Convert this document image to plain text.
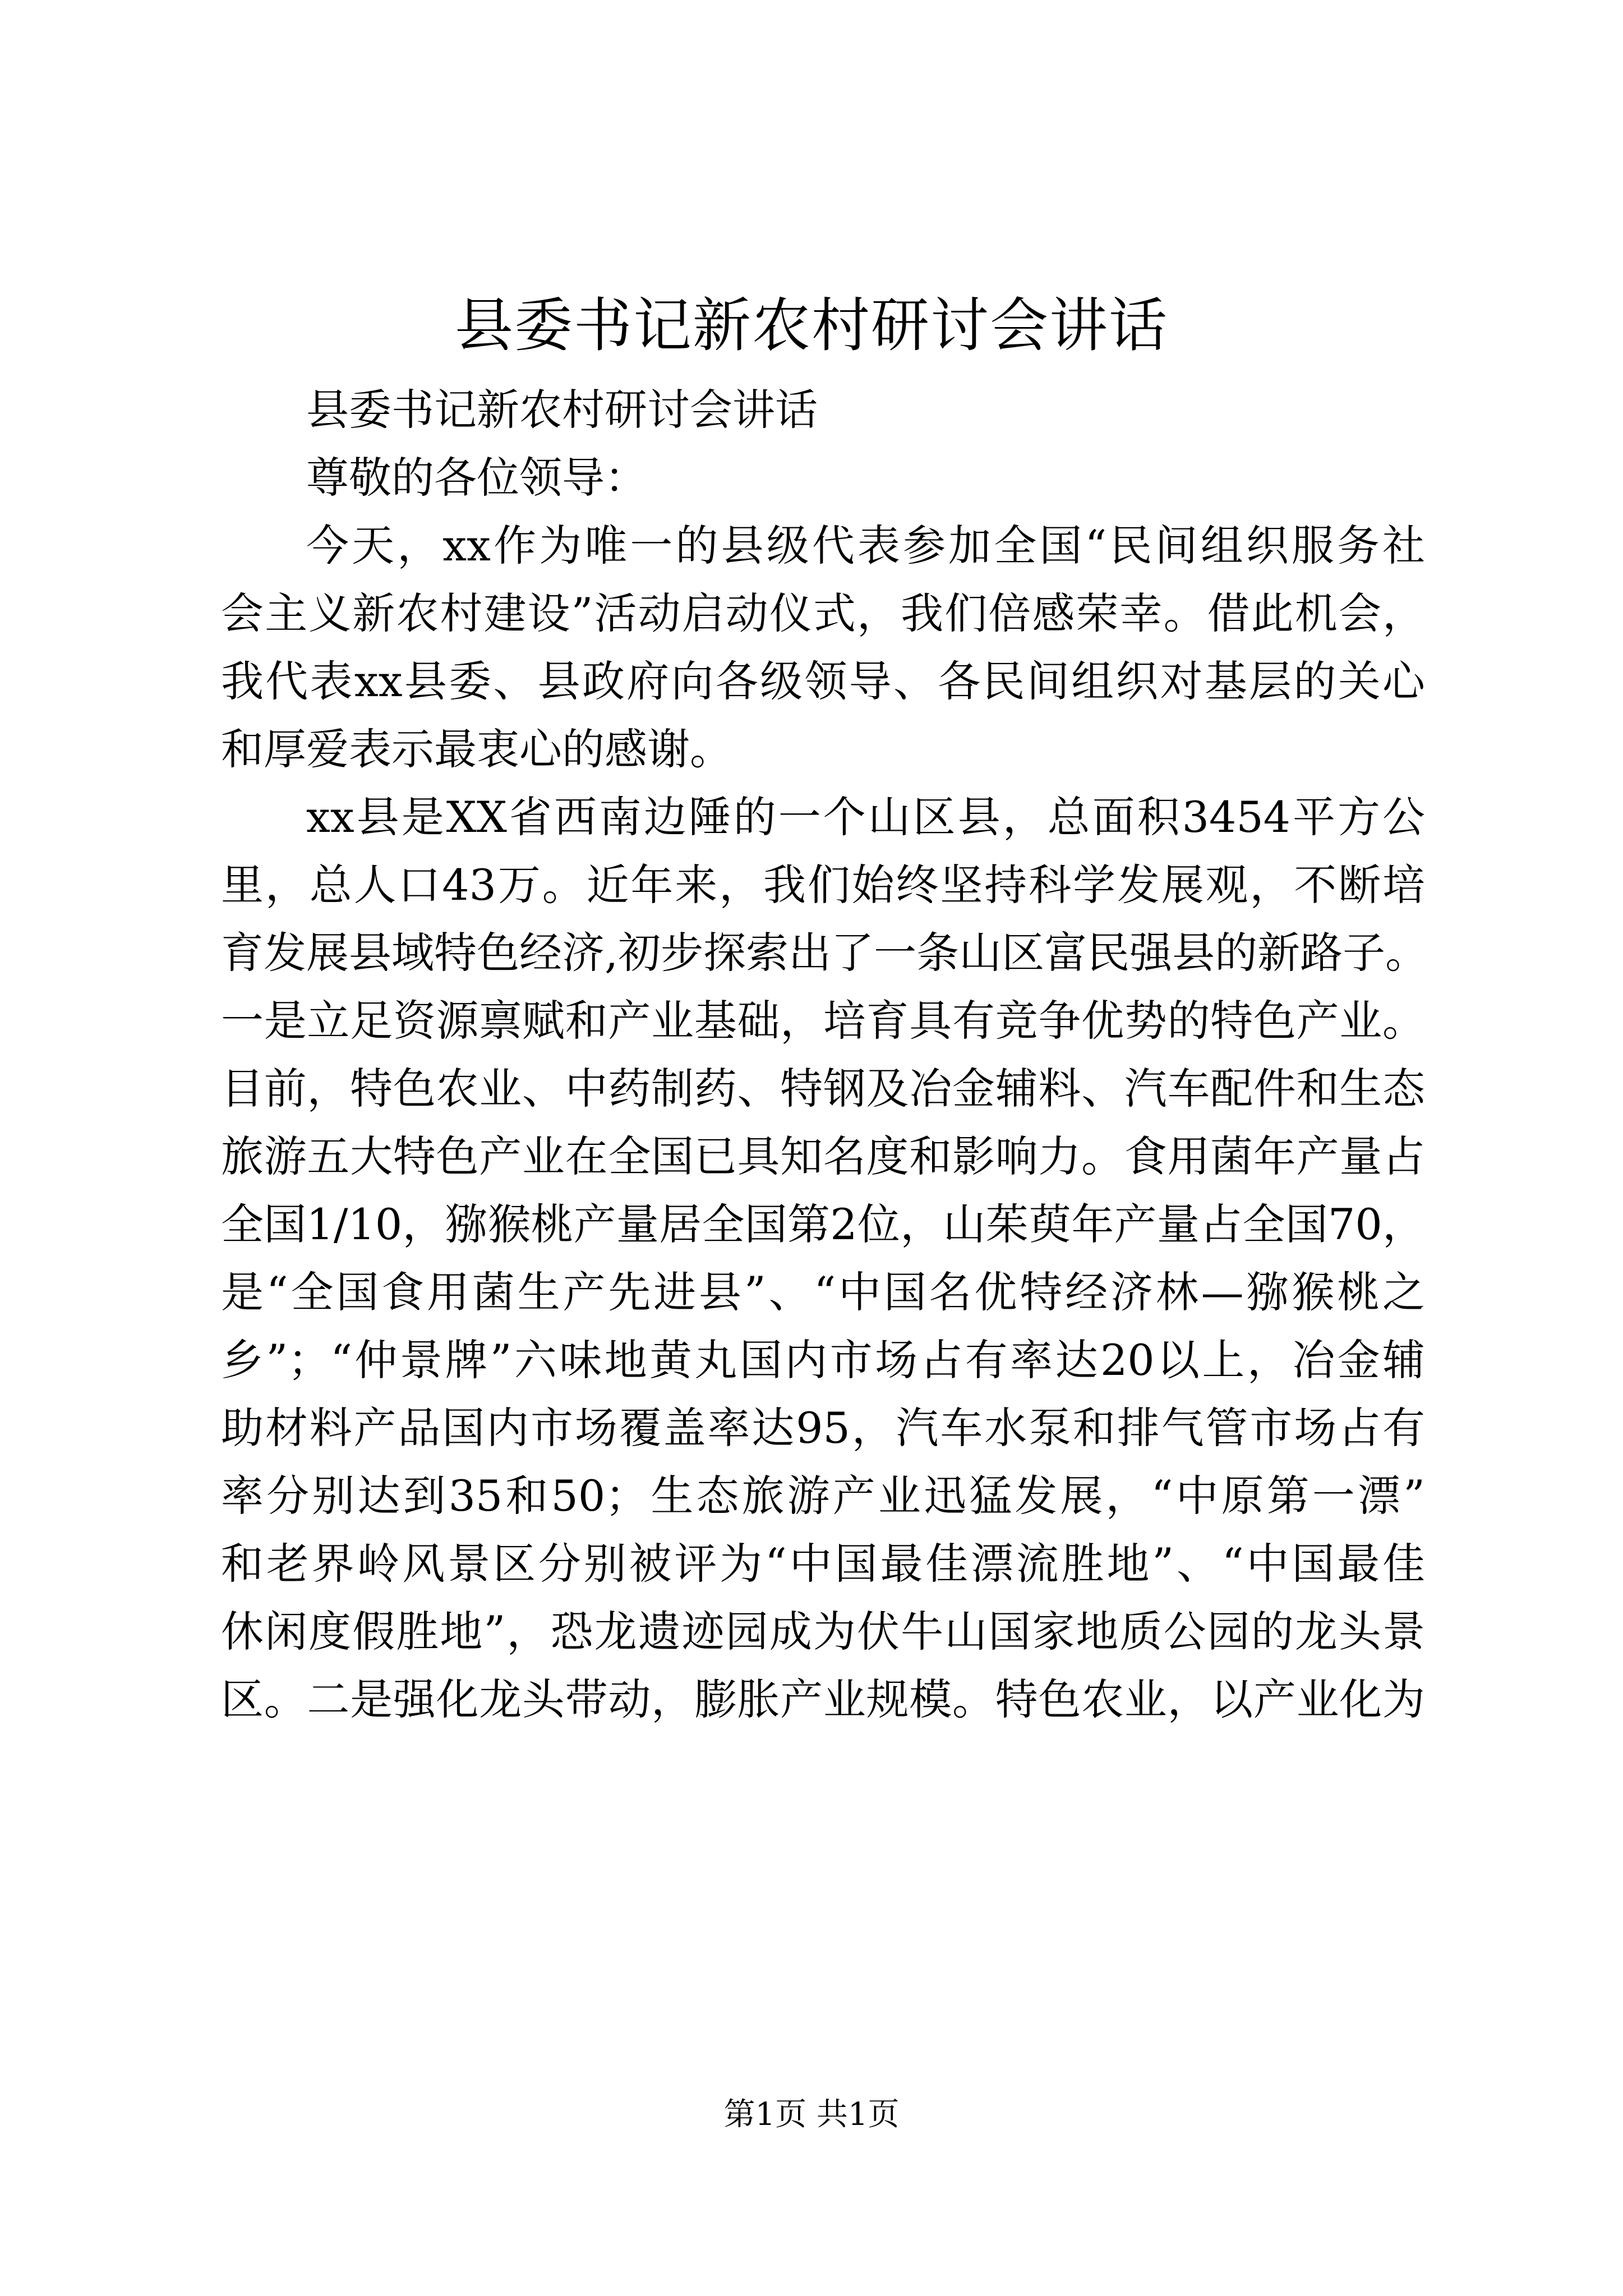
县委书记新农村研讨会讲话
县委书记新农村研讨会讲话
尊敬的各位领导：
今天，xx作为唯一的县级代表参加全国“民间组织服务社
会主义新农村建设”活动启动仪式，我们倍感荣幸。借此机会，
我代表xx县委、县政府向各级领导、各民间组织对基层的关心
和厚爱表示最衷心的感谢。
xx县是XX省西南边陲的一个山区县，总面积3454平方公
里，总人口43万。近年来，我们始终坚持科学发展观，不断培
育发展县域特色经济,初步探索出了一条山区富民强县的新路子。
一是立足资源禀赋和产业基础，培育具有竞争优势的特色产业。
目前，特色农业、中药制药、特钢及冶金辅料、汽车配件和生态
旅游五大特色产业在全国已具知名度和影响力。食用菌年产量占
全国1/10，猕猴桃产量居全国第2位，山茱萸年产量占全国70，
是“全国食用菌生产先进县”、“中国名优特经济林—猕猴桃之
乡”；“仲景牌”六味地黄丸国内市场占有率达20以上，冶金辅
助材料产品国内市场覆盖率达95，汽车水泵和排气管市场占有
率分别达到35和50；生态旅游产业迅猛发展，“中原第一漂”
和老界岭风景区分别被评为“中国最佳漂流胜地”、“中国最佳
休闲度假胜地”，恐龙遗迹园成为伏牛山国家地质公园的龙头景
区。二是强化龙头带动，膨胀产业规模。特色农业，以产业化为
第1页 共1页
